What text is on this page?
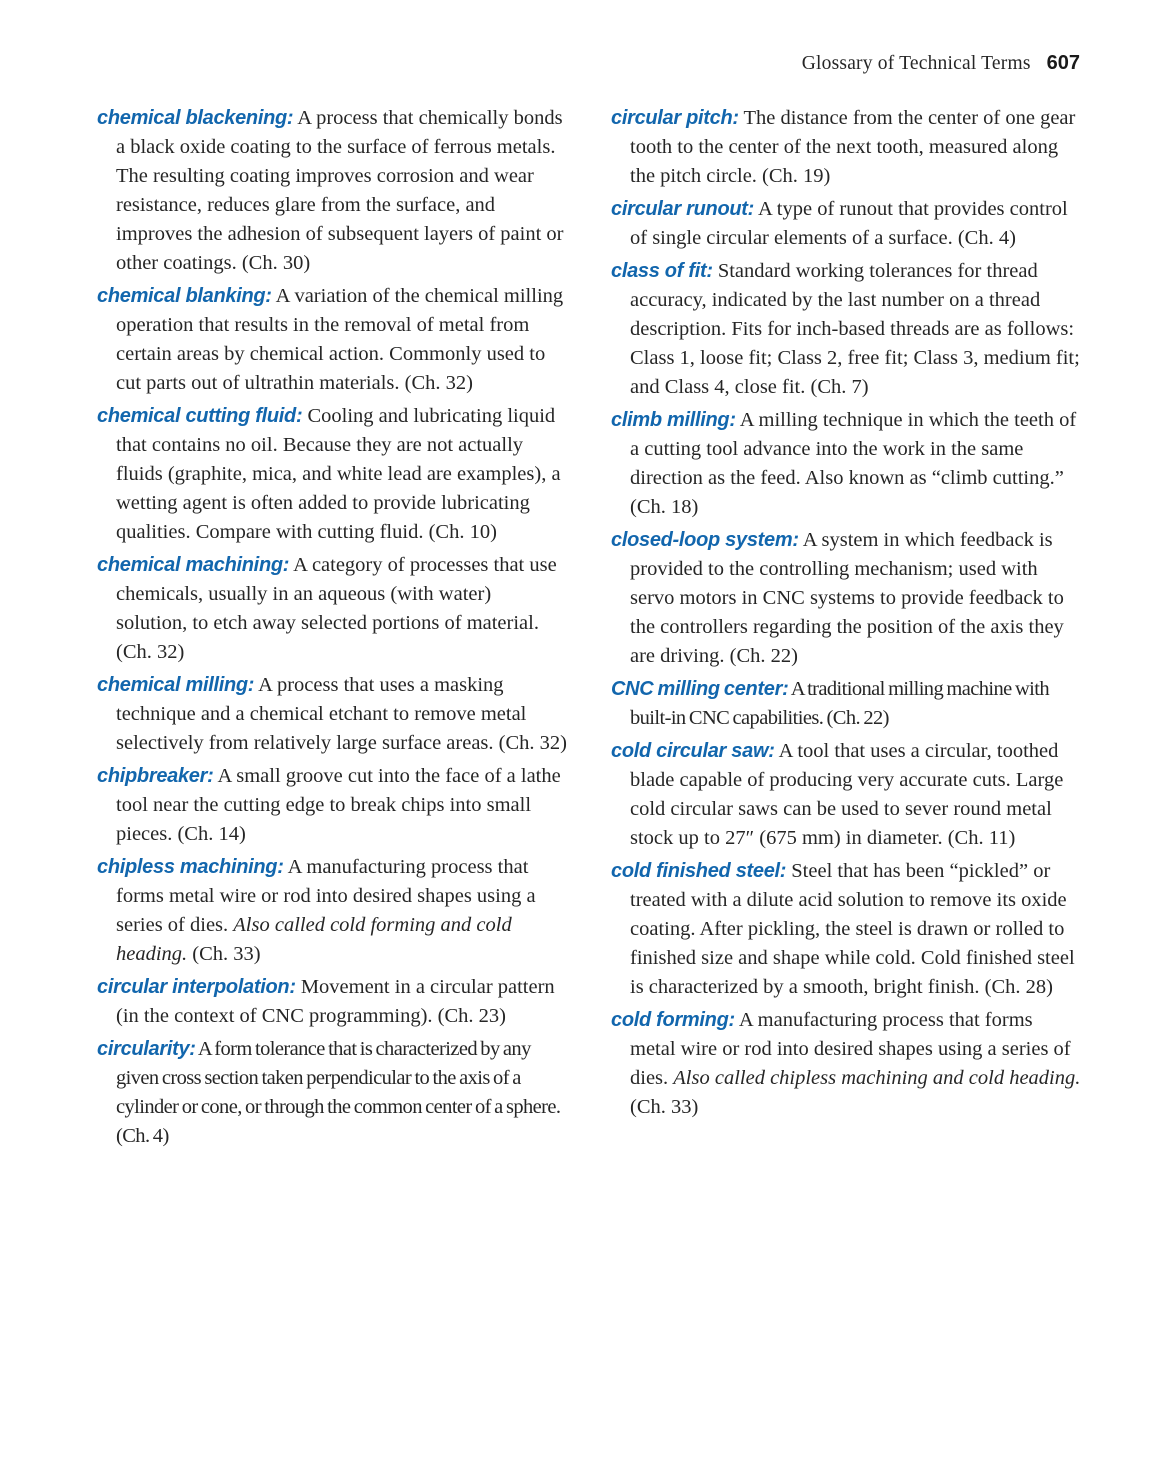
Glossary of Technical Terms 607

chemical blackening: A process that chemically bonds a black oxide coating to the surface of ferrous metals. The resulting coating improves corrosion and wear resistance, reduces glare from the surface, and improves the adhesion of subsequent layers of paint or other coatings. (Ch. 30)

chemical blanking: A variation of the chemical milling operation that results in the removal of metal from certain areas by chemical action. Commonly used to cut parts out of ultrathin materials. (Ch. 32)

chemical cutting fluid: Cooling and lubricating liquid that contains no oil. Because they are not actually fluids (graphite, mica, and white lead are examples), a wetting agent is often added to provide lubricating qualities. Compare with cutting fluid. (Ch. 10)

chemical machining: A category of processes that use chemicals, usually in an aqueous (with water) solution, to etch away selected portions of material. (Ch. 32)

chemical milling: A process that uses a masking technique and a chemical etchant to remove metal selectively from relatively large surface areas. (Ch. 32)

chipbreaker: A small groove cut into the face of a lathe tool near the cutting edge to break chips into small pieces. (Ch. 14)

chipless machining: A manufacturing process that forms metal wire or rod into desired shapes using a series of dies. Also called cold forming and cold heading. (Ch. 33)

circular interpolation: Movement in a circular pattern (in the context of CNC programming). (Ch. 23)

circularity: A form tolerance that is characterized by any given cross section taken perpendicular to the axis of a cylinder or cone, or through the common center of a sphere. (Ch. 4)

circular pitch: The distance from the center of one gear tooth to the center of the next tooth, measured along the pitch circle. (Ch. 19)

circular runout: A type of runout that provides control of single circular elements of a surface. (Ch. 4)

class of fit: Standard working tolerances for thread accuracy, indicated by the last number on a thread description. Fits for inch-based threads are as follows: Class 1, loose fit; Class 2, free fit; Class 3, medium fit; and Class 4, close fit. (Ch. 7)

climb milling: A milling technique in which the teeth of a cutting tool advance into the work in the same direction as the feed. Also known as “climb cutting.” (Ch. 18)

closed-loop system: A system in which feedback is provided to the controlling mechanism; used with servo motors in CNC systems to provide feedback to the controllers regarding the position of the axis they are driving. (Ch. 22)

CNC milling center: A traditional milling machine with built-in CNC capabilities. (Ch. 22)

cold circular saw: A tool that uses a circular, toothed blade capable of producing very accurate cuts. Large cold circular saws can be used to sever round metal stock up to 27″ (675 mm) in diameter. (Ch. 11)

cold finished steel: Steel that has been “pickled” or treated with a dilute acid solution to remove its oxide coating. After pickling, the steel is drawn or rolled to finished size and shape while cold. Cold finished steel is characterized by a smooth, bright finish. (Ch. 28)

cold forming: A manufacturing process that forms metal wire or rod into desired shapes using a series of dies. Also called chipless machining and cold heading. (Ch. 33)
